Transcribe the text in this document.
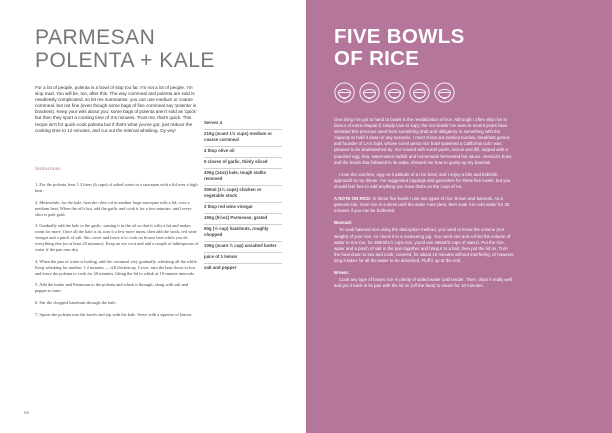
PARMESAN
POLENTA + KALE

For a lot of people, polenta is a bowl of slop too far. I'm not a lot of people. I'm slop mad. You will be, too, after this. The way cornmeal and polenta are sold is needlessly complicated, so let me summarise: you can use medium or coarse cornmeal, but not fine (even though some bags of fine cornmeal say 'polenta' in brackets). Keep your wits about you: some bags of polenta aren't sold as 'quick' but then they sport a cooking time of 3-5 minutes. Trust me, that's quick. This recipe isn't for quick-cook polenta but if that's what you've got, just reduce the cooking time to 12 minutes, and cut out the interval whisking. Oy vey!

Instructions
1. For the polenta, heat 1.3 litres (6 cups) of salted water in a saucepan with a lid over a high heat.
2. Meanwhile, for the kale, heat the olive oil in another large saucepan with a lid, over a medium heat. When the oil's hot, add the garlic and cook it for a few minutes, until every slice is pale gold.
3. Gradually add the kale to the garlic, turning it in the oil so that it wilts a bit and makes room for more. Once all the kale is in, turn it a few more times, then add the stock, red wine vinegar and a pinch of salt. Stir, cover and leave it to cook on lowest heat while you do everything else (or at least 20 minutes). Keep an eye on it and add a couple of tablespoons of water if the pan runs dry.
4. When the pan of water is boiling, add the cornmeal very gradually, whisking all the while. Keep whisking for another 1-2 minutes — it'll thicken up. Cover, turn the heat down to low and leave the polenta to cook for 20 minutes, lifting the lid to whisk at 10-minute intervals.
5. Add the butter and Parmesan to the polenta and whisk it through, along with salt and pepper to taste.
6. Stir the chopped hazelnuts through the kale.
7. Spoon the polenta into the bowls and top with the kale. Serve with a squeeze of lemon.
66
Serves 4
210g (scant 1½ cups) medium or coarse cornmeal
4 tbsp olive oil
5 cloves of garlic, thinly sliced
400g (14oz) kale, tough stalks removed
300ml (1¼ cups) chicken or vegetable stock
2 tbsp red wine vinegar
150g (5½oz) Parmesan, grated
60g (½ cup) hazelnuts, roughly chopped
100g (scant ½ cup) unsalted butter
juice of 1 lemon
salt and pepper
FIVE BOWLS
OF RICE

One thing I've got to hand to bowls is the revitalization of rice. Although I often skip rice in favour of extra chapati (I simply love to sop), the rice bowls I've seen in recent years have elevated this precious seed from something drab and obligatory to something with the capacity to hold it down in any scenario. I must shout out Jessica Koslow, breakfast genius and founder of LA's Sqirl, whose sorrel pesto rice bowl spawned a California cult I was pleased to be brainwashed by: rice tossed with sorrel purée, lemon and dill, topped with a poached egg, feta, watermelon radish and homemade fermented hot sauce. Jessica's bowl, and the bowls that followed in its wake, showed me how to gussy up my basmati.

I love the carefree, egg-on-it attitude of a rice bowl, and I enjoy a bits and bobbish approach to my dinner. I've suggested toppings and garnishes for these five bowls, but you should feel free to add anything you have that's on the cusp of rot.

A NOTE ON RICE: In these five bowls I use two types of rice: brown and basmati. As a general rule, rinse rice in a sieve until the water runs clear, then soak it in cold water for 30 minutes if you can be bothered.

Basmati:

To cook basmati rice using the absorption method, you need to know the volume (not weight) of your rice, so check it in a measuring jug. You need one and a third the volume of water to rice (so, for 350ml/1½ cups rice, you'd use 465ml/2 cups of water). Put the rice, water and a pinch of salt in the pan together and bring it to a boil, then put the lid on. Turn the heat down to low and cook, covered, for about 10 minutes without interfering, or however long it takes for all the water to be absorbed. Fluff it up at the end.

Brown:

Cook any type of brown rice in plenty of salted water until tender. Then, drain it really well and put it back in its pan with the lid on (off the heat) to steam for 10 minutes.
